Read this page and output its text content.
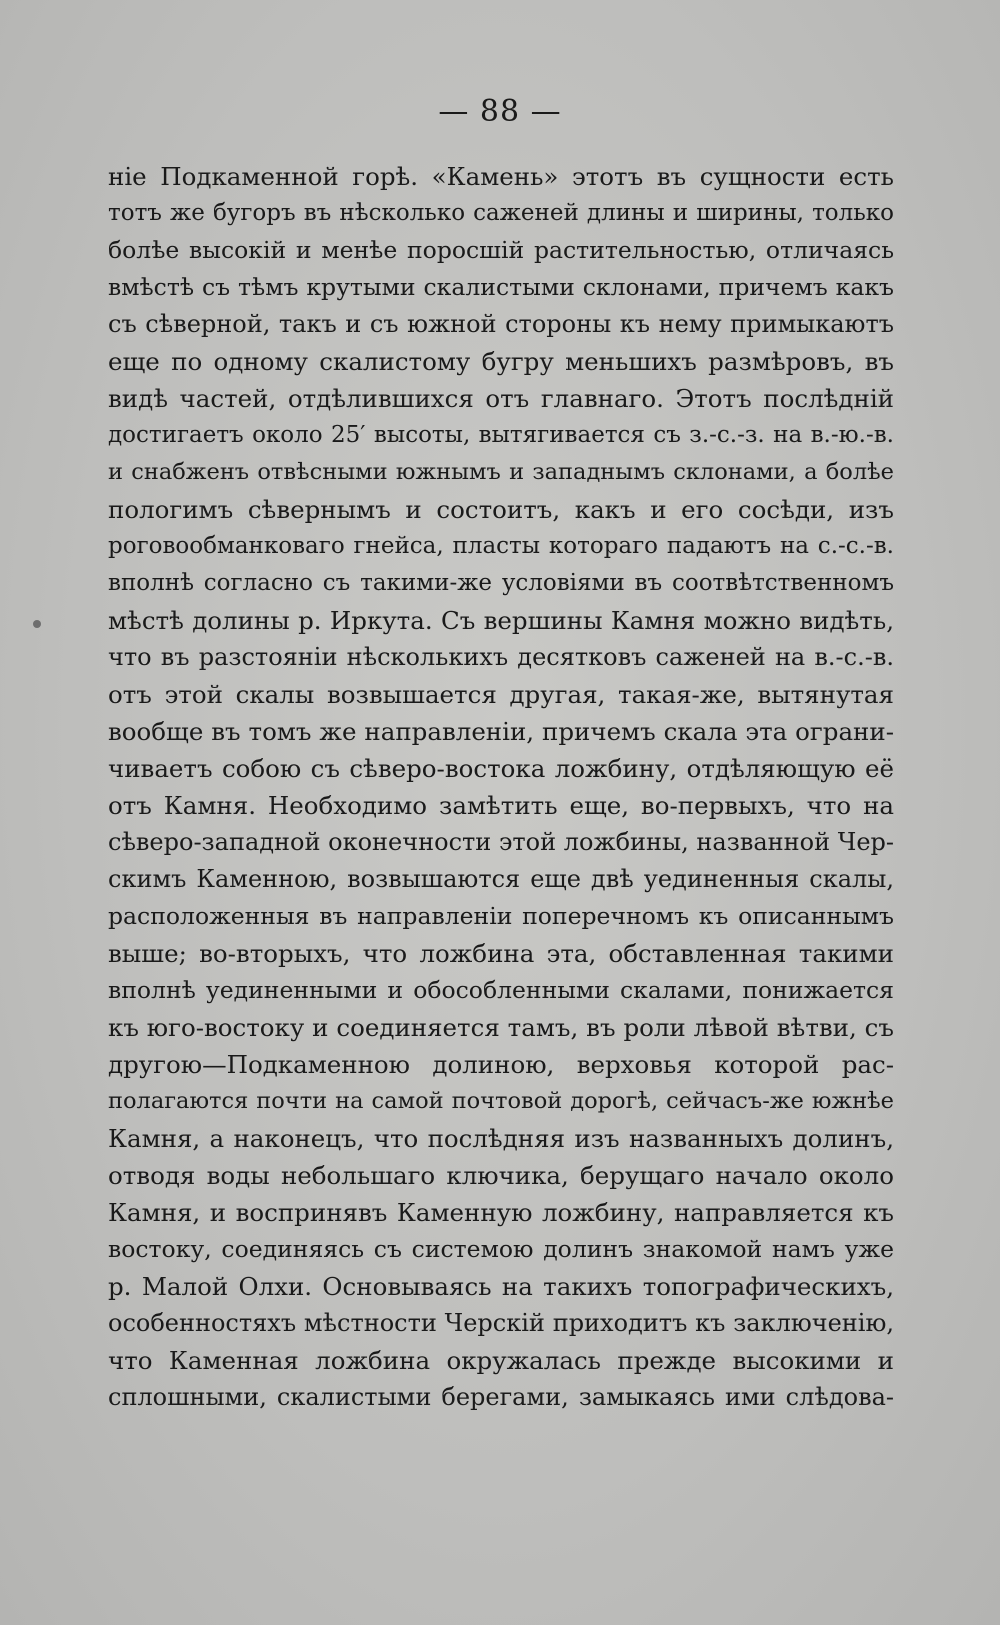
— 88 —
ніе Подкаменной горѣ. «Камень» этотъ въ сущности есть
тотъ же бугоръ въ нѣсколько саженей длины и ширины, только
болѣе высокій и менѣе поросшій растительностью, отличаясь
вмѣстѣ съ тѣмъ крутыми скалистыми склонами, причемъ какъ
съ сѣверной, такъ и съ южной стороны къ нему примыкаютъ
еще по одному скалистому бугру меньшихъ размѣровъ, въ
видѣ частей, отдѣлившихся отъ главнаго. Этотъ послѣдній
достигаетъ около 25′ высоты, вытягивается съ з.-с.-з. на в.-ю.-в.
и снабженъ отвѣсными южнымъ и западнымъ склонами, а болѣе
пологимъ сѣвернымъ и состоитъ, какъ и его сосѣди, изъ
роговообманковаго гнейса, пласты котораго падаютъ на с.-с.-в.
вполнѣ согласно съ такими-же условіями въ соотвѣтственномъ
мѣстѣ долины р. Иркута. Съ вершины Камня можно видѣть,
что въ разстояніи нѣсколькихъ десятковъ саженей на в.-с.-в.
отъ этой скалы возвышается другая, такая-же, вытянутая
вообще въ томъ же направленіи, причемъ скала эта ограни-
чиваетъ собою съ сѣверо-востока ложбину, отдѣляющую её
отъ Камня. Необходимо замѣтить еще, во-первыхъ, что на
сѣверо-западной оконечности этой ложбины, названной Чер-
скимъ Каменною, возвышаются еще двѣ уединенныя скалы,
расположенныя въ направленіи поперечномъ къ описаннымъ
выше; во-вторыхъ, что ложбина эта, обставленная такими
вполнѣ уединенными и обособленными скалами, понижается
къ юго-востоку и соединяется тамъ, въ роли лѣвой вѣтви, съ
другою—Подкаменною долиною, верховья которой рас-
полагаются почти на самой почтовой дорогѣ, сейчасъ-же южнѣе
Камня, а наконецъ, что послѣдняя изъ названныхъ долинъ,
отводя воды небольшаго ключика, берущаго начало около
Камня, и воспринявъ Каменную ложбину, направляется къ
востоку, соединяясь съ системою долинъ знакомой намъ уже
р. Малой Олхи. Основываясь на такихъ топографическихъ,
особенностяхъ мѣстности Черскій приходитъ къ заключенію,
что Каменная ложбина окружалась прежде высокими и
сплошными, скалистыми берегами, замыкаясь ими слѣдова-
